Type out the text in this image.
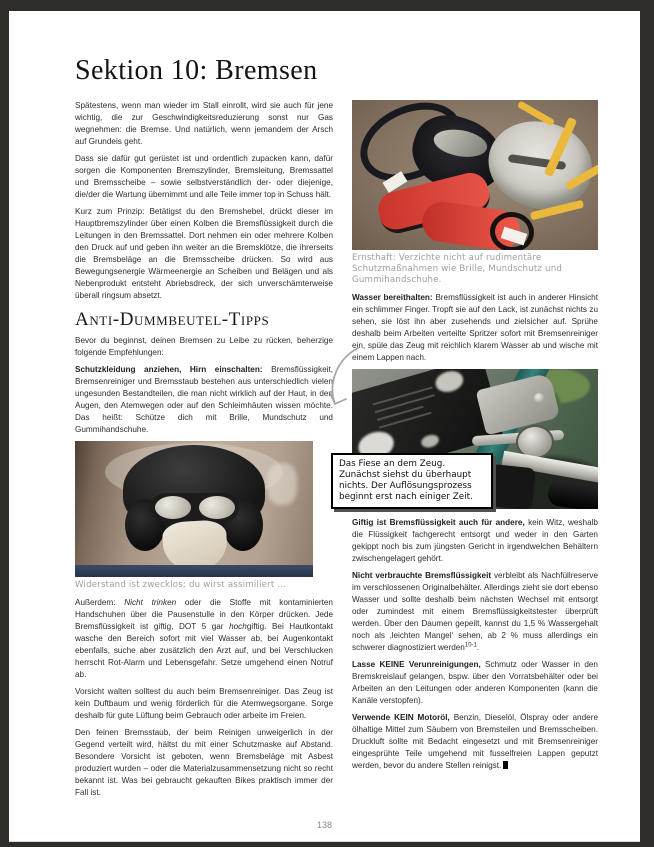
Sektion 10: Bremsen

Spätestens, wenn man wieder im Stall einrollt, wird sie auch für jene wichtig, die zur Geschwindigkeitsreduzierung sonst nur Gas wegnehmen: die Bremse. Und natürlich, wenn jemandem der Arsch auf Grundeis geht.

Dass sie dafür gut gerüstet ist und ordentlich zupacken kann, dafür sorgen die Komponenten Bremszylinder, Bremsleitung, Bremssattel und Bremsscheibe – sowie selbstverständlich der- oder diejenige, die/der die Wartung übernimmt und alle Teile immer top in Schuss hält.

Kurz zum Prinzip: Betätigst du den Bremshebel, drückt dieser im Hauptbremszylinder über einen Kolben die Bremsflüssigkeit durch die Leitungen in den Bremssattel. Dort nehmen ein oder mehrere Kolben den Druck auf und geben ihn weiter an die Bremsklötze, die ihrerseits die Bremsbeläge an die Bremsscheibe drücken. So wird aus Bewegungsenergie Wärmeenergie an Scheiben und Belägen und als Nebenprodukt entsteht Abriebsdreck, der sich unverschämterweise überall ringsum absetzt.

Anti-Dummbeutel-Tipps

Bevor du beginnst, deinen Bremsen zu Leibe zu rücken, beherzige folgende Empfehlungen:

Schutzkleidung anziehen, Hirn einschalten: Bremsflüssigkeit, Bremsenreiniger und Bremsstaub bestehen aus unterschiedlich vielen ungesunden Bestandteilen, die man nicht wirklich auf der Haut, in den Augen, den Atemwegen oder auf den Schleimhäuten wissen möchte. Das heißt: Schütze dich mit Brille, Mundschutz und Gummihandschuhe.

Widerstand ist zwecklos; du wirst assimiliert ...

Außerdem: Nicht trinken oder die Stoffe mit kontaminierten Handschuhen über die Pausenstulle in den Körper drücken. Jede Bremsflüssigkeit ist giftig, DOT 5 gar hochgiftig. Bei Hautkontakt wasche den Bereich sofort mit viel Wasser ab, bei Augenkontakt ebenfalls, suche aber zusätzlich den Arzt auf, und bei Verschlucken herrscht Rot-Alarm und Lebensgefahr. Setze umgehend einen Notruf ab.

Vorsicht walten solltest du auch beim Bremsenreiniger. Das Zeug ist kein Duftbaum und wenig förderlich für die Atemwegsorgane. Sorge deshalb für gute Lüftung beim Gebrauch oder arbeite im Freien.

Den feinen Bremsstaub, der beim Reinigen unweigerlich in der Gegend verteilt wird, hältst du mit einer Schutzmaske auf Abstand. Besondere Vorsicht ist geboten, wenn Bremsbeläge mit Asbest produziert wurden – oder die Materialzusammensetzung nicht so recht bekannt ist. Was bei gebraucht gekauften Bikes praktisch immer der Fall ist.

Ernsthaft: Verzichte nicht auf rudimentäre Schutzmaßnahmen wie Brille, Mundschutz und Gummihandschuhe.

Wasser bereithalten: Bremsflüssigkeit ist auch in anderer Hinsicht ein schlimmer Finger. Tropft sie auf den Lack, ist zunächst nichts zu sehen, sie löst ihn aber zusehends und zielsicher auf. Sprühe deshalb beim Arbeiten verteilte Spritzer sofort mit Bremsenreiniger ein, spüle das Zeug mit reichlich klarem Wasser ab und wische mit einem Lappen nach.

Das Fiese an dem Zeug. Zunächst siehst du überhaupt nichts. Der Auflösungsprozess beginnt erst nach einiger Zeit.

Giftig ist Bremsflüssigkeit auch für andere, kein Witz, weshalb die Flüssigkeit fachgerecht entsorgt und weder in den Garten gekippt noch bis zum jüngsten Gericht in irgendwelchen Behältern zwischengelagert gehört.

Nicht verbrauchte Bremsflüssigkeit verbleibt als Nachfüllreserve im verschlossenen Originalbehälter. Allerdings zieht sie dort ebenso Wasser und sollte deshalb beim nächsten Wechsel mit entsorgt oder zumindest mit einem Bremsflüssigkeitstester überprüft werden. Über den Daumen gepeilt, kannst du 1,5 % Wassergehalt noch als ‚leichten Mangel‘ sehen, ab 2 % muss allerdings ein schwerer diagnostiziert werden$^{10-1}$.

Lasse KEINE Verunreinigungen, Schmutz oder Wasser in den Bremskreislauf gelangen, bspw. über den Vorratsbehälter oder bei Arbeiten an den Leitungen oder anderen Komponenten (kann die Kanäle verstopfen).

Verwende KEIN Motoröl, Benzin, Dieselöl, Ölspray oder andere ölhaltige Mittel zum Säubern von Bremsteilen und Bremsscheiben. Druckluft sollte mit Bedacht eingesetzt und mit Bremsenreiniger eingesprühte Teile umgehend mit fusselfreien Lappen geputzt werden, bevor du andere Stellen reinigst.

138
